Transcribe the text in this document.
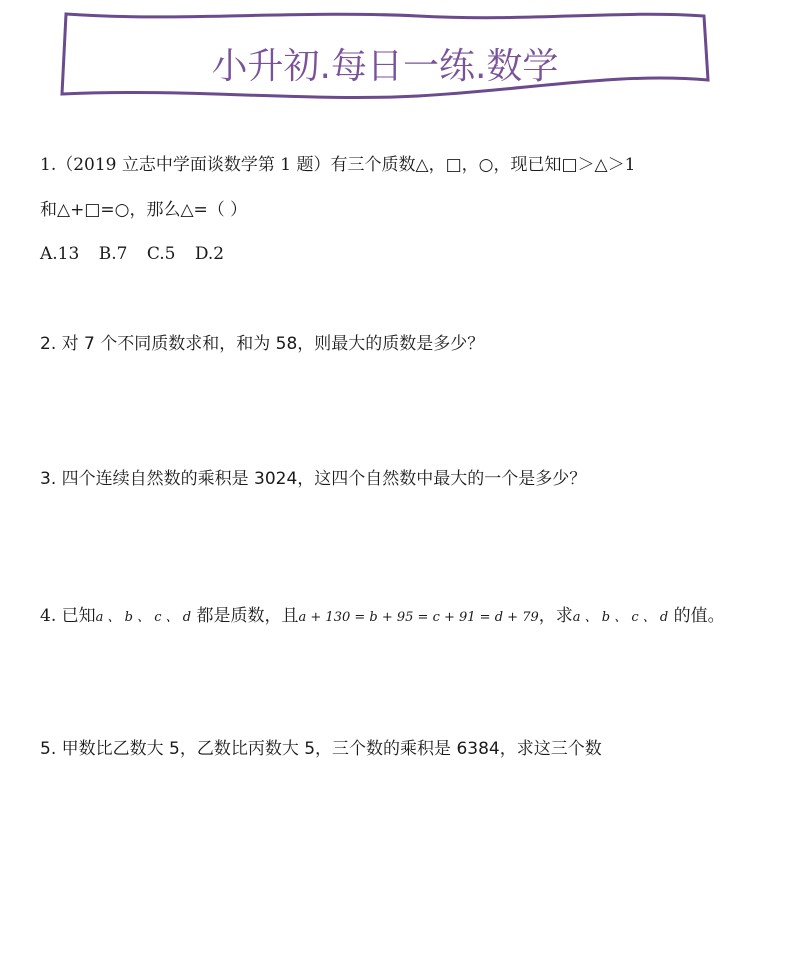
小升初.每日一练.数学
1.（2019 立志中学面谈数学第 1 题）有三个质数△，□，○，现已知□＞△＞1
和△+□=○，那么△=（ ）
A.13 B.7 C.5 D.2
2. 对 7 个不同质数求和，和为 58，则最大的质数是多少？
3. 四个连续自然数的乘积是 3024，这四个自然数中最大的一个是多少？
4. 已知a 、 b 、 c 、 d 都是质数，且a + 130 = b + 95 = c + 91 = d + 79，求a 、 b 、 c 、 d 的值。
5. 甲数比乙数大 5，乙数比丙数大 5，三个数的乘积是 6384，求这三个数
